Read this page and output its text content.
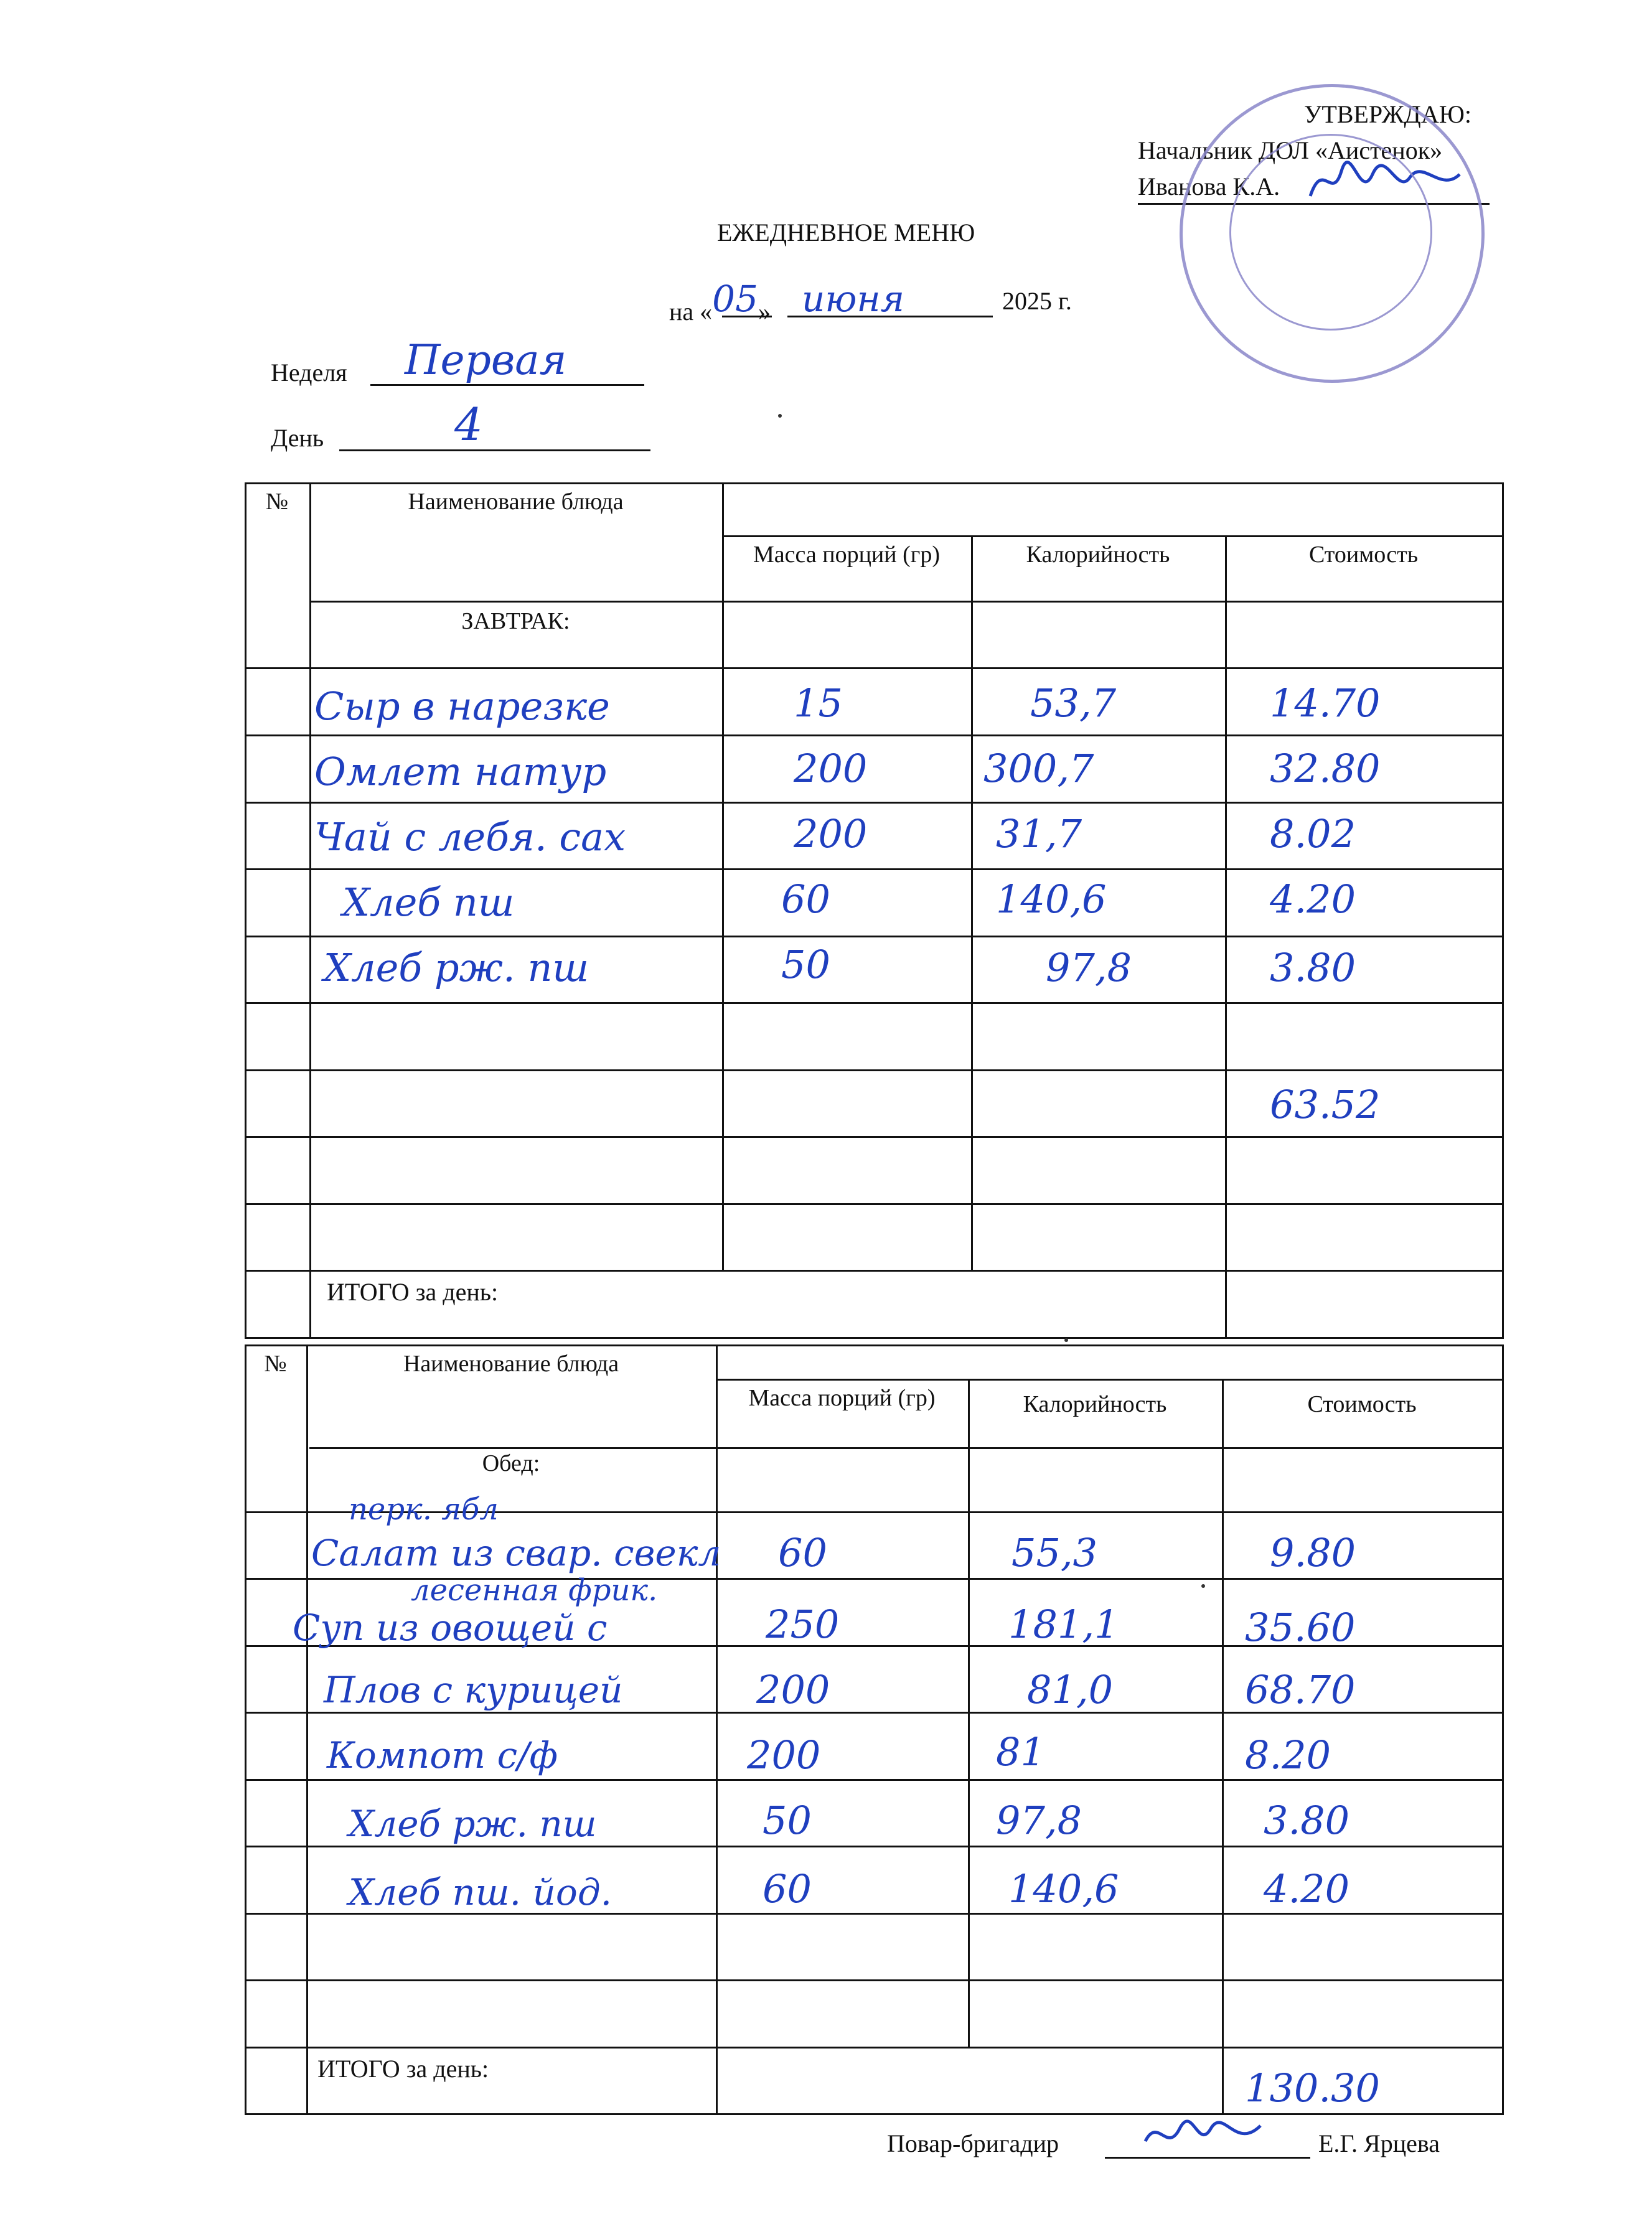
УТВЕРЖДАЮ:
Начальник ДОЛ «Аистенок»
Иванова К.А.
ЕЖЕДНЕВНОЕ МЕНЮ
на «05» июня	2025 г.
Неделя Первая
День	4
№	Наименование блюда
Масса порций (гр)	Калорийность	Стоимость
ЗАВТРАК:
Сыр в нарезке	15	53,7	14.70
Омлет натур	200	300,7	32.80
Чай с лебя. сах	200	31,7	8.02
Хлеб пш	60	140,6	4.20
Хлеб рж. пш	50	97,8	3.80
63.52
ИТОГО за день:
№	Наименование блюда
Масса порций (гр)	Калорийность	Стоимость
Обед:
перк. ябл
Салат из свар. свекл 60	55,3	9.80
лесенная фрик.
Суп из овощей с	250	181,1	35.60
Плов с курицей	200	81,0	68.70
Компот с/ф	200	81	8.20
Хлеб рж. пш	50	97,8	3.80
Хлеб пш. йод.	60	140,6	4.20
ИТОГО за день:	130.30
Повар-бригадир	Е.Г. Ярцева
